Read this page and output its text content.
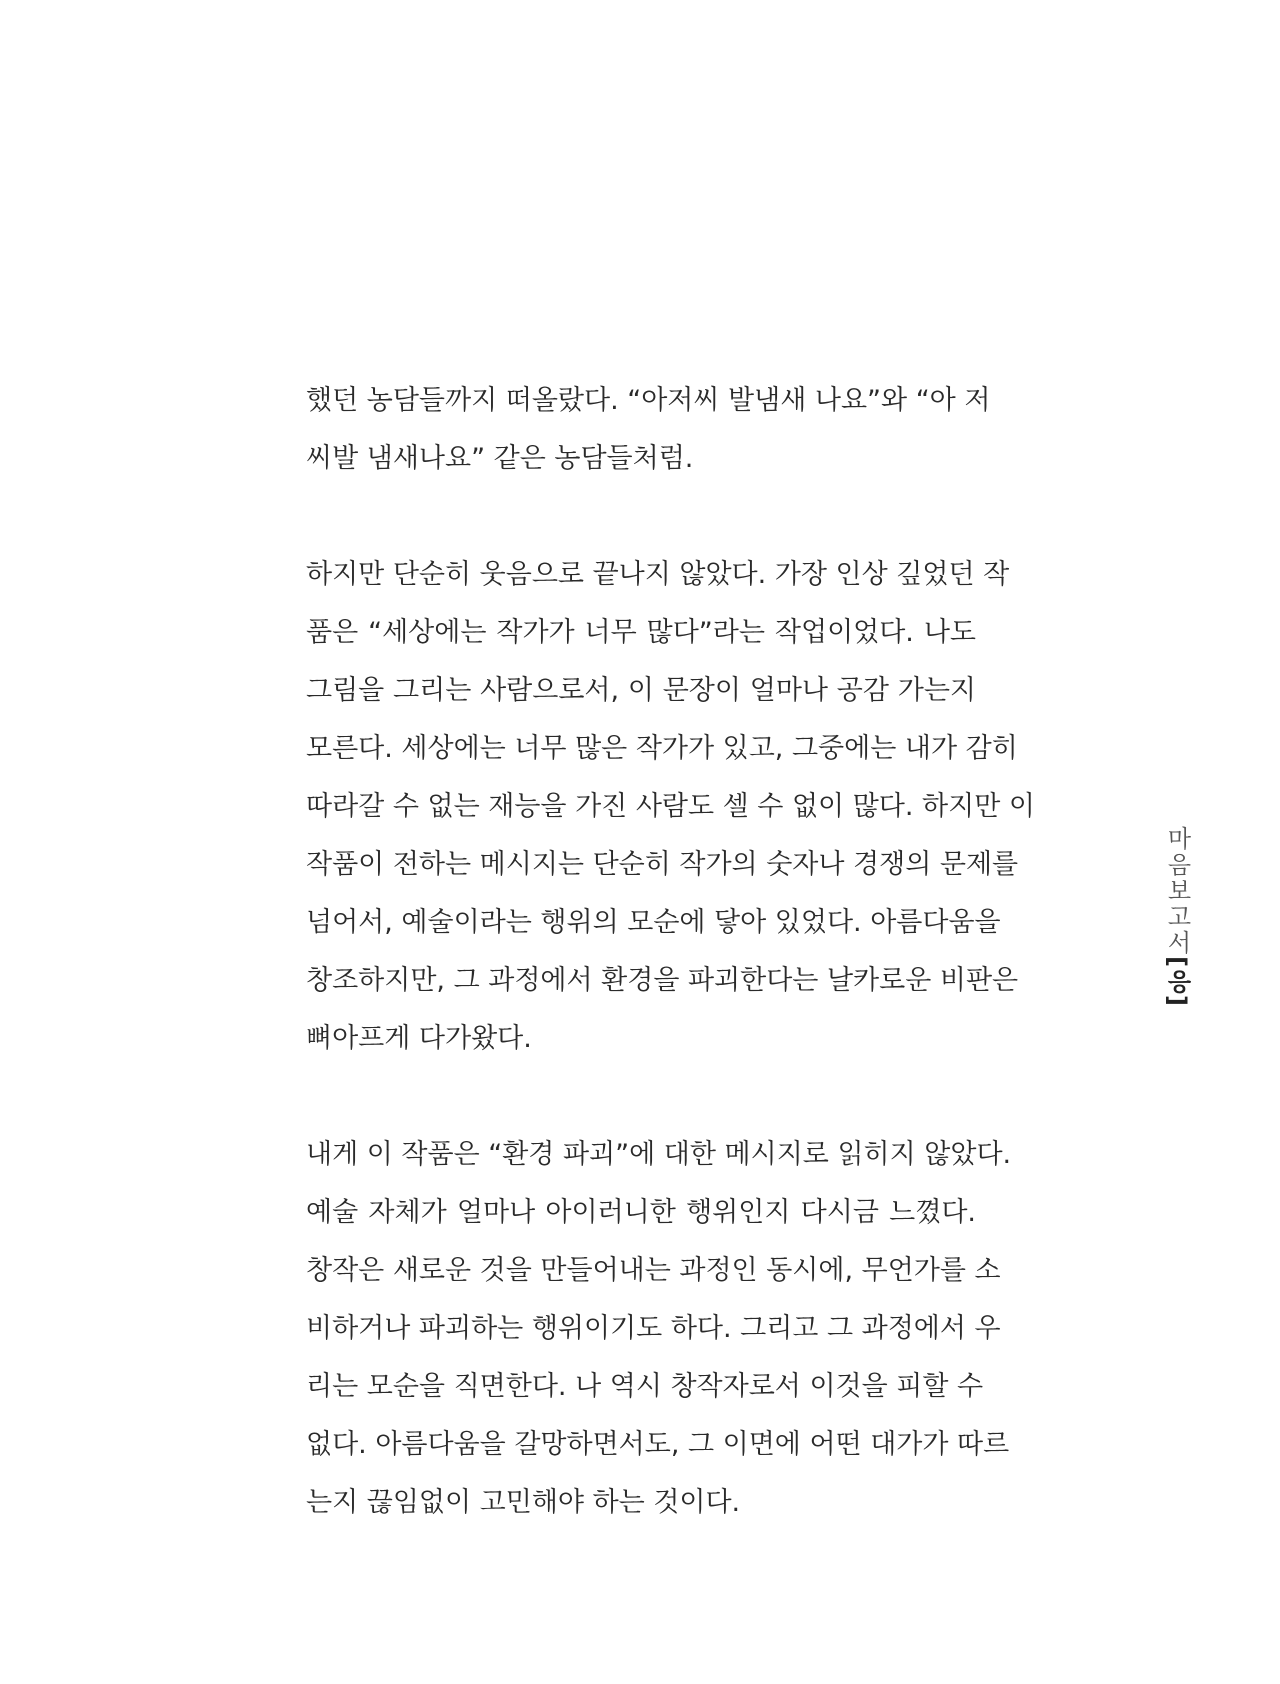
했던 농담들까지 떠올랐다. “아저씨 발냄새 나요”와 “아 저
씨발 냄새나요” 같은 농담들처럼.
하지만 단순히 웃음으로 끝나지 않았다. 가장 인상 깊었던 작
품은 “세상에는 작가가 너무 많다”라는 작업이었다. 나도
그림을 그리는 사람으로서, 이 문장이 얼마나 공감 가는지
모른다. 세상에는 너무 많은 작가가 있고, 그중에는 내가 감히
따라갈 수 없는 재능을 가진 사람도 셀 수 없이 많다. 하지만 이
작품이 전하는 메시지는 단순히 작가의 숫자나 경쟁의 문제를
넘어서, 예술이라는 행위의 모순에 닿아 있었다. 아름다움을
창조하지만, 그 과정에서 환경을 파괴한다는 날카로운 비판은
뼈아프게 다가왔다.
내게 이 작품은 “환경 파괴”에 대한 메시지로 읽히지 않았다.
예술 자체가 얼마나 아이러니한 행위인지 다시금 느꼈다.
창작은 새로운 것을 만들어내는 과정인 동시에, 무언가를 소
비하거나 파괴하는 행위이기도 하다. 그리고 그 과정에서 우
리는 모순을 직면한다. 나 역시 창작자로서 이것을 피할 수
없다. 아름다움을 갈망하면서도, 그 이면에 어떤 대가가 따르
는지 끊임없이 고민해야 하는 것이다.
마음보고서[응]
